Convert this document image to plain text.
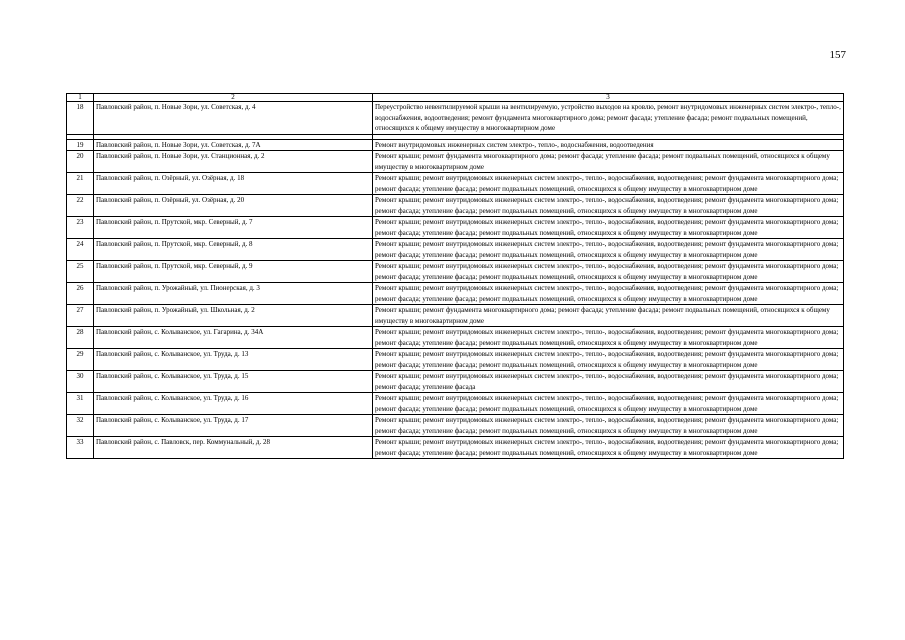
157
1	2	3
18	Павловский район, п. Новые Зори, ул. Советская, д. 4	Переустройство невентилируемой крыши на вентилируемую, устройство выходов на кровлю, ремонт внутридомовых инженерных систем электро-, тепло-, водоснабжения, водоотведения; ремонт фундамента многоквартирного дома; ремонт фасада; утепление фасада; ремонт подвальных помещений, относящихся к общему имуществу в многоквартирном доме

19	Павловский район, п. Новые Зори, ул. Советская, д. 7А	Ремонт внутридомовых инженерных систем электро-, тепло-, водоснабжения, водоотведения
20	Павловский район, п. Новые Зори, ул. Станционная, д. 2	Ремонт крыши; ремонт фундамента многоквартирного дома; ремонт фасада; утепление фасада; ремонт подвальных помещений, относящихся к общему имуществу в многоквартирном доме
21	Павловский район, п. Озёрный, ул. Озёрная, д. 18	Ремонт крыши; ремонт внутридомовых инженерных систем электро-, тепло-, водоснабжения, водоотведения; ремонт фундамента многоквартирного дома; ремонт фасада; утепление фасада; ремонт подвальных помещений, относящихся к общему имуществу в многоквартирном доме
22	Павловский район, п. Озёрный, ул. Озёрная, д. 20	Ремонт крыши; ремонт внутридомовых инженерных систем электро-, тепло-, водоснабжения, водоотведения; ремонт фундамента многоквартирного дома; ремонт фасада; утепление фасада; ремонт подвальных помещений, относящихся к общему имуществу в многоквартирном доме
23	Павловский район, п. Прутской, мкр. Северный, д. 7	Ремонт крыши; ремонт внутридомовых инженерных систем электро-, тепло-, водоснабжения, водоотведения; ремонт фундамента многоквартирного дома; ремонт фасада; утепление фасада; ремонт подвальных помещений, относящихся к общему имуществу в многоквартирном доме
24	Павловский район, п. Прутской, мкр. Северный, д. 8	Ремонт крыши; ремонт внутридомовых инженерных систем электро-, тепло-, водоснабжения, водоотведения; ремонт фундамента многоквартирного дома; ремонт фасада; утепление фасада; ремонт подвальных помещений, относящихся к общему имуществу в многоквартирном доме
25	Павловский район, п. Прутской, мкр. Северный, д. 9	Ремонт крыши; ремонт внутридомовых инженерных систем электро-, тепло-, водоснабжения, водоотведения; ремонт фундамента многоквартирного дома; ремонт фасада; утепление фасада; ремонт подвальных помещений, относящихся к общему имуществу в многоквартирном доме
26	Павловский район, п. Урожайный, ул. Пионерская, д. 3	Ремонт крыши; ремонт внутридомовых инженерных систем электро-, тепло-, водоснабжения, водоотведения; ремонт фундамента многоквартирного дома; ремонт фасада; утепление фасада; ремонт подвальных помещений, относящихся к общему имуществу в многоквартирном доме
27	Павловский район, п. Урожайный, ул. Школьная, д. 2	Ремонт крыши; ремонт фундамента многоквартирного дома; ремонт фасада; утепление фасада; ремонт подвальных помещений, относящихся к общему имуществу в многоквартирном доме
28	Павловский район, с. Колыванское, ул. Гагарина, д. 34А	Ремонт крыши; ремонт внутридомовых инженерных систем электро-, тепло-, водоснабжения, водоотведения; ремонт фундамента многоквартирного дома; ремонт фасада; утепление фасада; ремонт подвальных помещений, относящихся к общему имуществу в многоквартирном доме
29	Павловский район, с. Колыванское, ул. Труда, д. 13	Ремонт крыши; ремонт внутридомовых инженерных систем электро-, тепло-, водоснабжения, водоотведения; ремонт фундамента многоквартирного дома; ремонт фасада; утепление фасада; ремонт подвальных помещений, относящихся к общему имуществу в многоквартирном доме
30	Павловский район, с. Колыванское, ул. Труда, д. 15	Ремонт крыши; ремонт внутридомовых инженерных систем электро-, тепло-, водоснабжения, водоотведения; ремонт фундамента многоквартирного дома; ремонт фасада; утепление фасада
31	Павловский район, с. Колыванское, ул. Труда, д. 16	Ремонт крыши; ремонт внутридомовых инженерных систем электро-, тепло-, водоснабжения, водоотведения; ремонт фундамента многоквартирного дома; ремонт фасада; утепление фасада; ремонт подвальных помещений, относящихся к общему имуществу в многоквартирном доме
32	Павловский район, с. Колыванское, ул. Труда, д. 17	Ремонт крыши; ремонт внутридомовых инженерных систем электро-, тепло-, водоснабжения, водоотведения; ремонт фундамента многоквартирного дома; ремонт фасада; утепление фасада; ремонт подвальных помещений, относящихся к общему имуществу в многоквартирном доме
33	Павловский район, с. Павловск, пер. Коммунальный, д. 28	Ремонт крыши; ремонт внутридомовых инженерных систем электро-, тепло-, водоснабжения, водоотведения; ремонт фундамента многоквартирного дома; ремонт фасада; утепление фасада; ремонт подвальных помещений, относящихся к общему имуществу в многоквартирном доме
